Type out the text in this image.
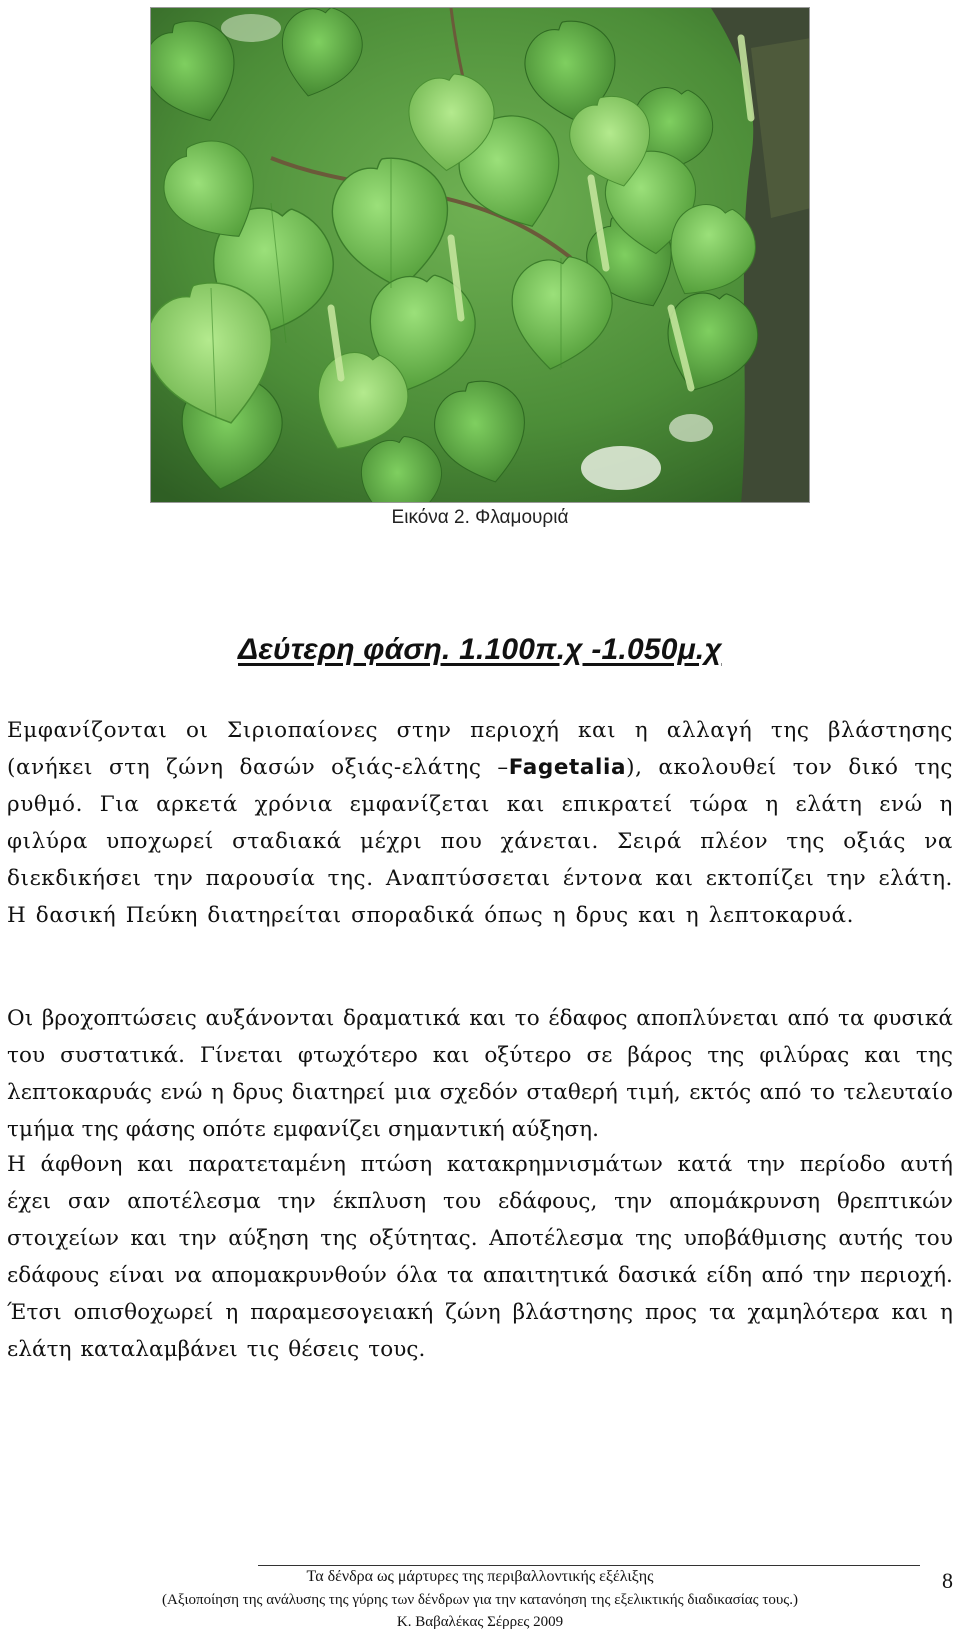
Εικόνα 2. Φλαμουριά
Δεύτερη φάση. 1.100π.χ -1.050μ.χ

Εμφανίζονται οι Σιριοπαίονες στην περιοχή και η αλλαγή της βλάστησης (ανήκει στη ζώνη δασών οξιάς-ελάτης –Fagetalia), ακολουθεί τον δικό της ρυθμό. Για αρκετά χρόνια εμφανίζεται και επικρατεί τώρα η ελάτη ενώ η φιλύρα υποχωρεί σταδιακά μέχρι που χάνεται. Σειρά πλέον της οξιάς να διεκδικήσει την παρουσία της. Αναπτύσσεται έντονα και εκτοπίζει την ελάτη. Η δασική Πεύκη διατηρείται σποραδικά όπως η δρυς και η λεπτοκαρυά.

Οι βροχοπτώσεις αυξάνονται δραματικά και το έδαφος αποπλύνεται από τα φυσικά του συστατικά. Γίνεται φτωχότερο και οξύτερο σε βάρος της φιλύρας και της λεπτοκαρυάς ενώ η δρυς διατηρεί μια σχεδόν σταθερή τιμή, εκτός από το τελευταίο τμήμα της φάσης οπότε εμφανίζει σημαντική αύξηση.

Η άφθονη και παρατεταμένη πτώση κατακρημνισμάτων κατά την περίοδο αυτή έχει σαν αποτέλεσμα την έκπλυση του εδάφους, την απομάκρυνση θρεπτικών στοιχείων και την αύξηση της οξύτητας. Αποτέλεσμα της υποβάθμισης αυτής του εδάφους είναι να απομακρυνθούν όλα τα απαιτητικά δασικά είδη από την περιοχή. Έτσι οπισθοχωρεί η παραμεσογειακή ζώνη βλάστησης προς τα χαμηλότερα και η ελάτη καταλαμβάνει τις θέσεις τους.

Τα δένδρα ως μάρτυρες της περιβαλλοντικής εξέλιξης
(Αξιοποίηση της ανάλυσης της γύρης των δένδρων για την κατανόηση της εξελικτικής διαδικασίας τους.)
Κ. Βαβαλέκας Σέρρες 2009
8
